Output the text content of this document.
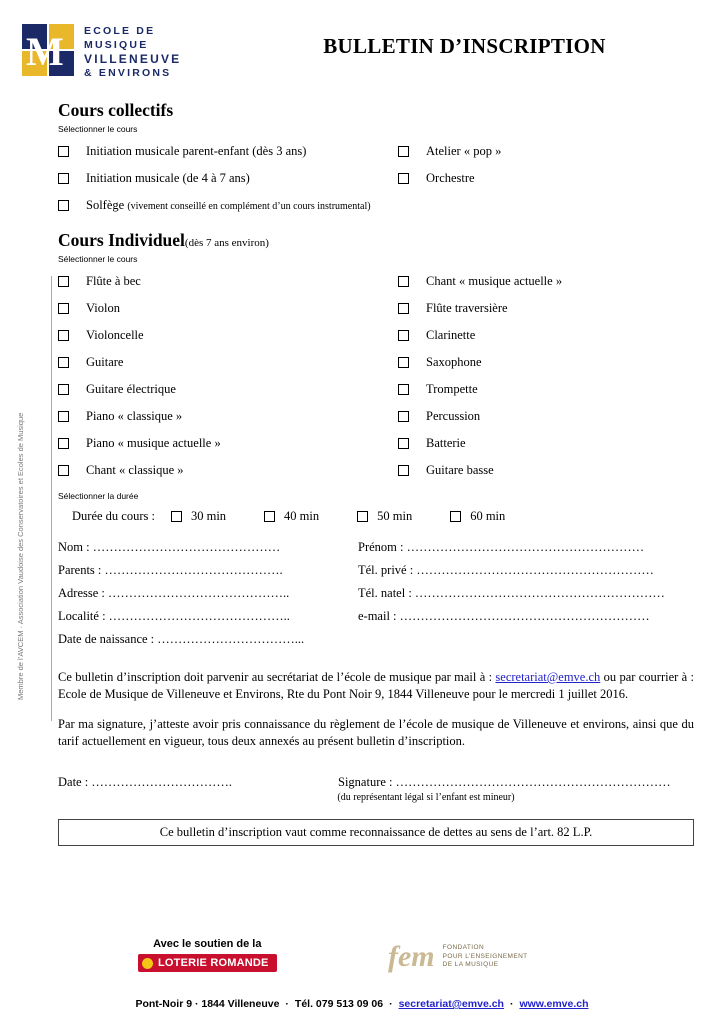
M ECOLE DE
MUSIQUE
VILLENEUVE
& ENVIRONS
BULLETIN D’INSCRIPTION
Membre de l’AVCEM · Association Vaudoise des Conservatoires et Ecoles de Musique
Cours collectifs
Sélectionner le cours
Initiation musicale parent-enfant (dès 3 ans)	Atelier « pop »
Initiation musicale (de 4 à 7 ans)	Orchestre
Solfège (vivement conseillé en complément d’un cours instrumental)
Cours Individuel(dès 7 ans environ)
Sélectionner le cours
Flûte à bec	Chant « musique actuelle »
Violon	Flûte traversière
Violoncelle	Clarinette
Guitare	Saxophone
Guitare électrique	Trompette
Piano « classique »	Percussion
Piano « musique actuelle »	Batterie
Chant « classique »	Guitare basse
Sélectionner la durée
Durée du cours :	30 min	40 min	50 min	60 min
Nom : ………………………………………	Prénom : …………………………………………………
Parents : …………………………………….	Tél. privé : …………………………………………………
Adresse : ……………………………………..	Tél. natel : ……………………………………………………
Localité : ……………………………………..	e-mail : ……………………………………………………
Date de naissance : ……………………………...
Ce bulletin d’inscription doit parvenir au secrétariat de l’école de musique par mail à : secretariat@emve.ch ou par courrier à : Ecole de Musique de Villeneuve et Environs, Rte du Pont Noir 9, 1844 Villeneuve pour le mercredi 1 juillet 2016.
Par ma signature, j’atteste avoir pris connaissance du règlement de l’école de musique de Villeneuve et environs, ainsi que du tarif actuellement en vigueur, tous deux annexés au présent bulletin d’inscription.
Date : …………………………….	Signature : …………………………………………………………
(du représentant légal si l’enfant est mineur)
Ce bulletin d’inscription vaut comme reconnaissance de dettes au sens de l’art. 82 L.P.
Avec le soutien de la
LOTERIE ROMANDE	fem FONDATION
POUR L’ENSEIGNEMENT
DE LA MUSIQUE
Pont-Noir 9 · 1844 Villeneuve · Tél. 079 513 09 06 · secretariat@emve.ch · www.emve.ch
